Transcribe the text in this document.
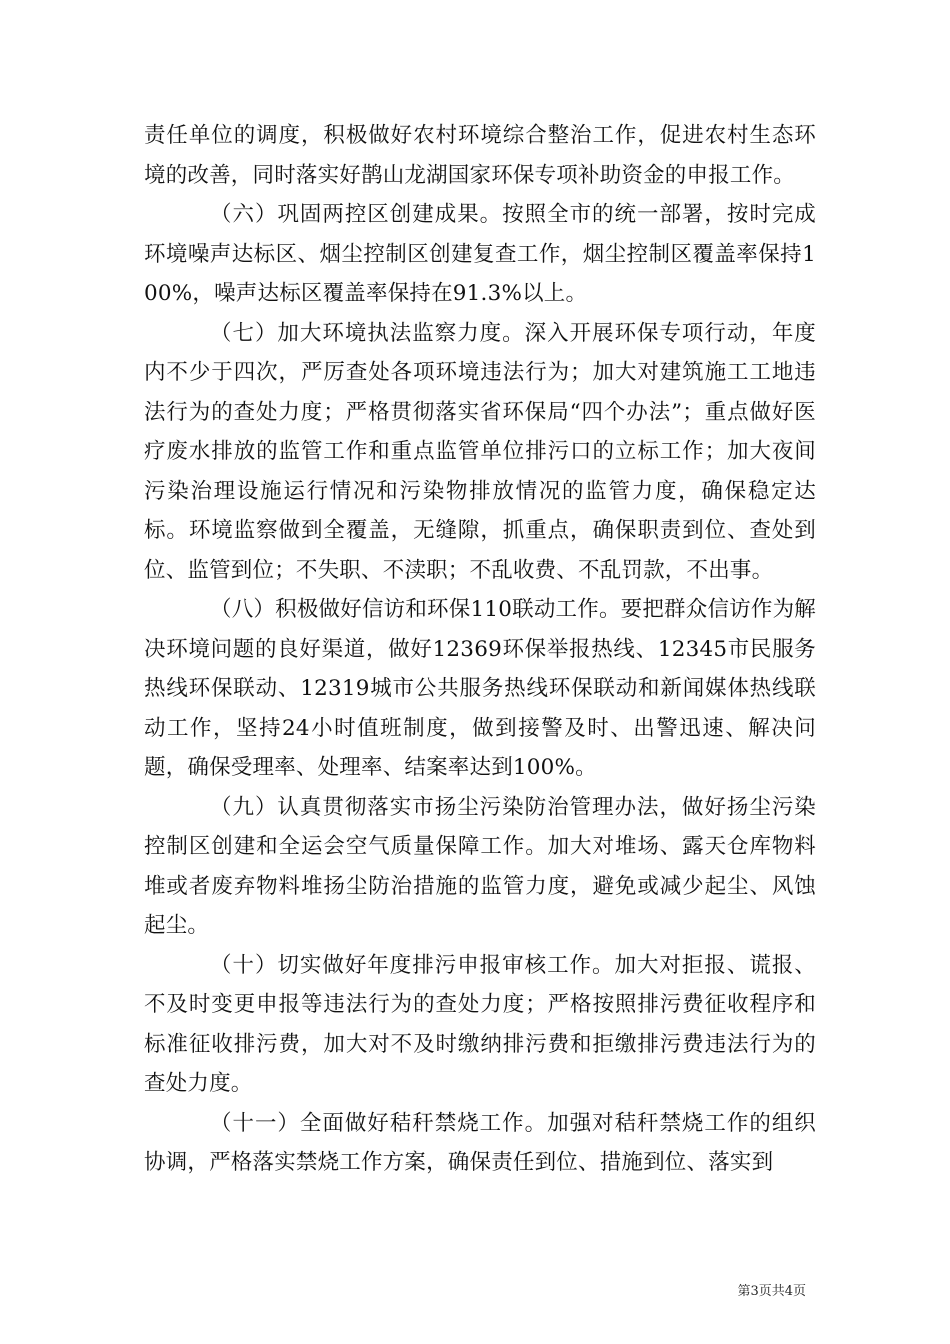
责任单位的调度，积极做好农村环境综合整治工作，促进农村生态环境的改善，同时落实好鹊山龙湖国家环保专项补助资金的申报工作。

（六）巩固两控区创建成果。按照全市的统一部署，按时完成环境噪声达标区、烟尘控制区创建复查工作，烟尘控制区覆盖率保持100%，噪声达标区覆盖率保持在91.3%以上。

（七）加大环境执法监察力度。深入开展环保专项行动，年度内不少于四次，严厉查处各项环境违法行为；加大对建筑施工工地违法行为的查处力度；严格贯彻落实省环保局“四个办法”；重点做好医疗废水排放的监管工作和重点监管单位排污口的立标工作；加大夜间污染治理设施运行情况和污染物排放情况的监管力度，确保稳定达标。环境监察做到全覆盖，无缝隙，抓重点，确保职责到位、查处到位、监管到位；不失职、不渎职；不乱收费、不乱罚款，不出事。

（八）积极做好信访和环保110联动工作。要把群众信访作为解决环境问题的良好渠道，做好12369环保举报热线、12345市民服务热线环保联动、12319城市公共服务热线环保联动和新闻媒体热线联动工作，坚持24小时值班制度，做到接警及时、出警迅速、解决问题，确保受理率、处理率、结案率达到100%。

（九）认真贯彻落实市扬尘污染防治管理办法，做好扬尘污染控制区创建和全运会空气质量保障工作。加大对堆场、露天仓库物料堆或者废弃物料堆扬尘防治措施的监管力度，避免或减少起尘、风蚀起尘。

（十）切实做好年度排污申报审核工作。加大对拒报、谎报、不及时变更申报等违法行为的查处力度；严格按照排污费征收程序和标准征收排污费，加大对不及时缴纳排污费和拒缴排污费违法行为的查处力度。

（十一）全面做好秸秆禁烧工作。加强对秸秆禁烧工作的组织协调，严格落实禁烧工作方案，确保责任到位、措施到位、落实到

第3页共4页
